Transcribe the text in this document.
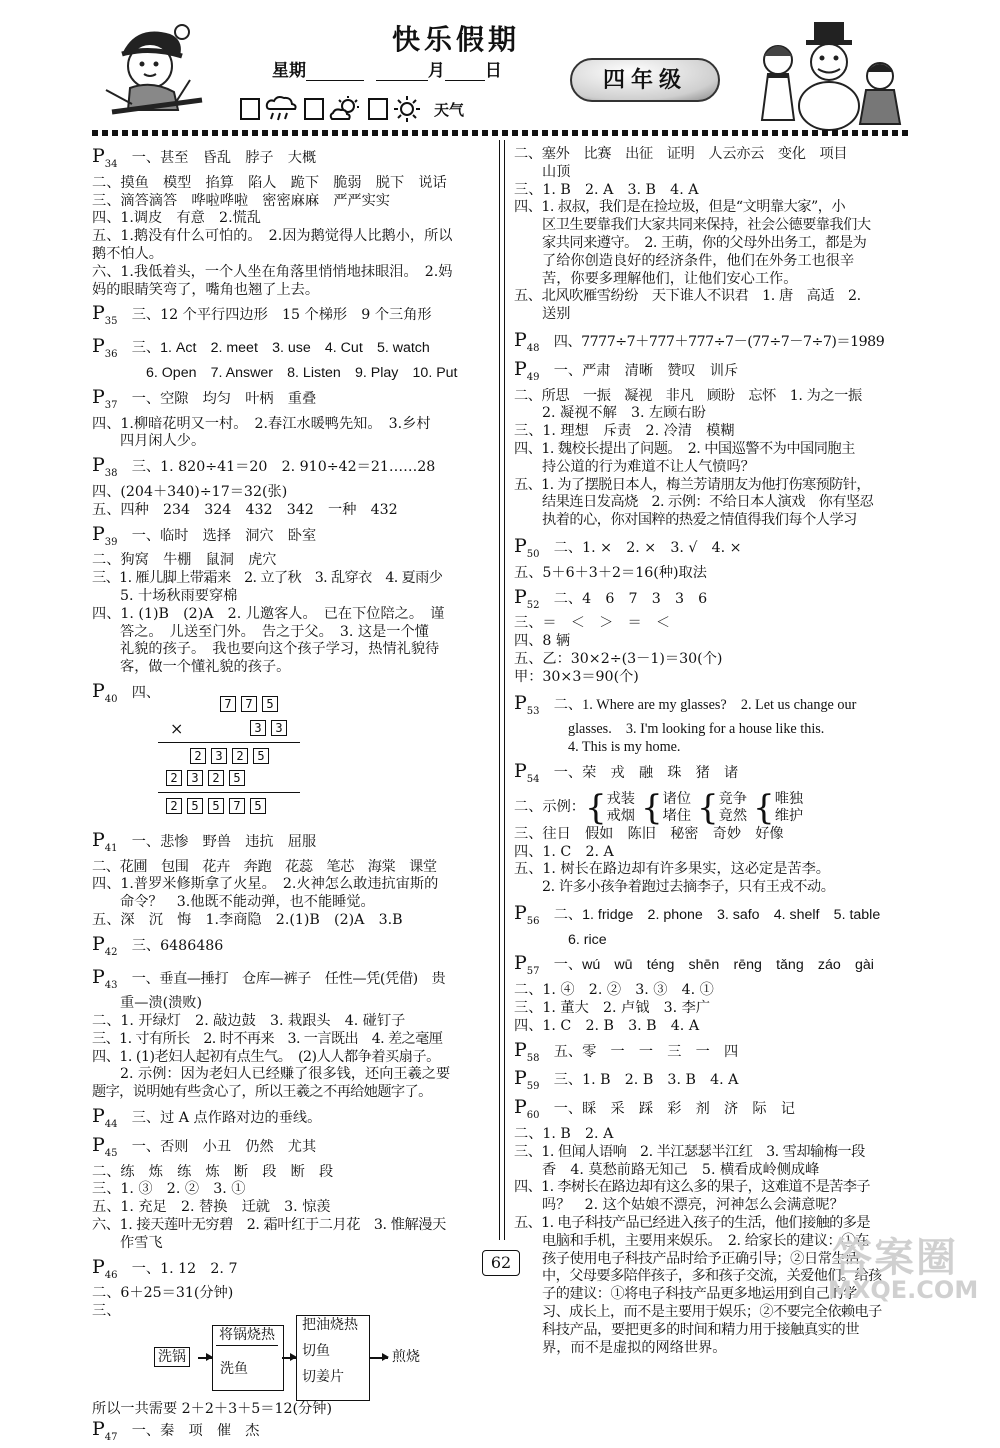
快乐假期
星期	月 日
天气
四年级
$P_{34}$　 一、甚至　昏乱　脖子　大概
二、摸鱼　模型　掐算　陷人　跪下　脆弱　脱下　说话
三、滴答滴答　哗啦哗啦　密密麻麻　严严实实
四、1.调皮　有意　2.慌乱
五、1.鹅没有什么可怕的。　2.因为鹅觉得人比鹅小，所以
鹅不怕人。
六、1.我低着头，一个人坐在角落里悄悄地抹眼泪。　2.妈
妈的眼睛笑弯了，嘴角也翘了上去。
$P_{35}$　 三、12 个平行四边形　15 个梯形　9 个三角形
$P_{36}$　 三、1. Act　2. meet　3. use　4. Cut　5. watch
6. Open　7. Answer　8. Listen　9. Play　10. Put
$P_{37}$　 一、空隙　均匀　叶柄　重叠
四、1.柳暗花明又一村。　2.春江水暖鸭先知。　3.乡村
四月闲人少。
$P_{38}$　 三、1. 820÷41＝20　2. 910÷42＝21……28
四、(204＋340)÷17＝32(张)
五、四种　234　324　432　342　一种　432
$P_{39}$　 一、临时　选择　洞穴　卧室
二、狗窝　牛棚　鼠洞　虎穴
三、1. 雁儿脚上带霜来　2. 立了秋　3. 乱穿衣　4. 夏雨少
5. 十场秋雨要穿棉
四、1. (1)B　(2)A　2. 儿邀客人。　已在下位陪之。　谨
答之。　儿送至门外。　告之于父。　3. 这是一个懂
礼貌的孩子。　我也要向这个孩子学习，热情礼貌待
客，做一个懂礼貌的孩子。
$P_{40}$　 四、
7	7	5
×	3	3
2	3	2	5
2	3	2	5
2	5	5	7	5
$P_{41}$　 一、悲惨　野兽　违抗　屈服
二、花圃　包围　花卉　奔跑　花蕊　笔芯　海棠　课堂
四、1.普罗米修斯拿了火星。　2.火神怎么敢违抗宙斯的
命令？　3.他既不能动弹，也不能睡觉。
五、深　沉　悔　1.李商隐　2.(1)B　(2)A　3.B
$P_{42}$　 三、6486486
$P_{43}$　 一、垂直—捶打　仓库—裤子　任性—凭(凭借)　贵
重—溃(溃败)
二、1. 开绿灯　2. 敲边鼓　3. 栽跟头　4. 碰钉子
三、1. 寸有所长　2. 时不再来　3. 一言既出　4. 差之毫厘
四、1. (1)老妇人起初有点生气。　(2)人人都争着买扇子。
2. 示例：因为老妇人已经赚了很多钱，还向王羲之要
题字，说明她有些贪心了，所以王羲之不再给她题字了。
$P_{44}$　 三、过 A 点作路对边的垂线。
$P_{45}$　 一、否则　小丑　仍然　尤其
二、练　炼　练　炼　断　段　断　段
三、1. ③　2. ②　3. ①
五、1. 充足　2. 替换　迁就　3. 惊羡
六、1. 接天莲叶无穷碧　2. 霜叶红于二月花　3. 惟解漫天
作雪飞
$P_{46}$　 一、1. 12　2. 7
二、6＋25＝31(分钟)
三、
洗锅
将锅烧热
洗鱼
把油烧热
切鱼
切姜片
煎烧
所以一共需要 2＋2＋3＋5＝12(分钟)
$P_{47}$　 一、秦　项　催　杰
二、塞外　比赛　出征　证明　人云亦云　变化　项目
山顶
三、1. B　2. A　3. B　4. A
四、1. 叔叔，我们是在捡垃圾，但是“文明靠大家”，小
区卫生要靠我们大家共同来保持，社会公德要靠我们大
家共同来遵守。　2. 王萌，你的父母外出务工，都是为
了给你创造良好的经济条件，他们在外务工也很辛
苦，你要多理解他们，让他们安心工作。
五、北风吹雁雪纷纷　天下谁人不识君　1. 唐　高适　2.
送别
$P_{48}$　 四、7777÷7＋777＋777÷7－(77÷7－7÷7)＝1989
$P_{49}$　 一、严肃　清晰　赞叹　训斥
二、所思　一振　凝视　非凡　顾盼　忘怀　1. 为之一振
2. 凝视不解　3. 左顾右盼
三、1. 理想　斥责　2. 冷清　模糊
四、1. 魏校长提出了问题。　2. 中国巡警不为中国同胞主
持公道的行为难道不让人气愤吗？
五、1. 为了摆脱日本人，梅兰芳请朋友为他打伤寒预防针，
结果连日发高烧　2. 示例：不给日本人演戏　你有坚忍
执着的心，你对国粹的热爱之情值得我们每个人学习
$P_{50}$　 二、1. ×　2. ×　3. √　4. ×
五、5＋6＋3＋2＝16(种)取法
$P_{52}$　 二、4　6　7　3　3　6
三、＝　＜　＞　＝　＜
四、8 辆
五、乙：30×2÷(3－1)＝30(个)
甲：30×3＝90(个)
$P_{53}$　 二、1. Where are my glasses?　2. Let us change our
glasses.　3. I'm looking for a house like this.
4. This is my home.
$P_{54}$　 一、荣　戎　融　珠　猪　诸
二、示例： { 戎装
戒烟 { 诸位
堵住 { 竞争
竟然 { 唯独
维护
三、往日　假如　陈旧　秘密　奇妙　好像
四、1. C　2. A
五、1. 树长在路边却有许多果实，这必定是苦李。
2. 许多小孩争着跑过去摘李子，只有王戎不动。
$P_{56}$　 二、1. fridge　2. phone　3. safo　4. shelf　5. table
6. rice
$P_{57}$　 一、wú　wū　téng　shēn　rēng　tǎng　záo　gài
二、1. ④　2. ②　3. ③　4. ①
三、1. 董大　2. 卢钺　3. 李广
四、1. C　2. B　3. B　4. A
$P_{58}$　 五、零　一　一　三　一　四
$P_{59}$　 三、1. B　2. B　3. B　4. A
$P_{60}$　 一、睬　采　踩　彩　剂　济　际　记
二、1. B　2. A
三、1. 但闻人语响　2. 半江瑟瑟半江红　3. 雪却输梅一段
香　4. 莫愁前路无知己　5. 横看成岭侧成峰
四、1. 李树长在路边却有这么多的果子，这难道不是苦李子
吗？　2. 这个姑娘不漂亮，河神怎么会满意呢？
五、1. 电子科技产品已经进入孩子的生活，他们接触的多是
电脑和手机，主要用来娱乐。　2. 给家长的建议：①在
孩子使用电子科技产品时给予正确引导；②日常生活
中，父母要多陪伴孩子，多和孩子交流，关爱他们。给孩
子的建议：①将电子科技产品更多地运用到自己的学
习、成长上，而不是主要用于娱乐；②不要完全依赖电子
科技产品，要把更多的时间和精力用于接触真实的世
界，而不是虚拟的网络世界。
62	答案圈
MXQE.COM
